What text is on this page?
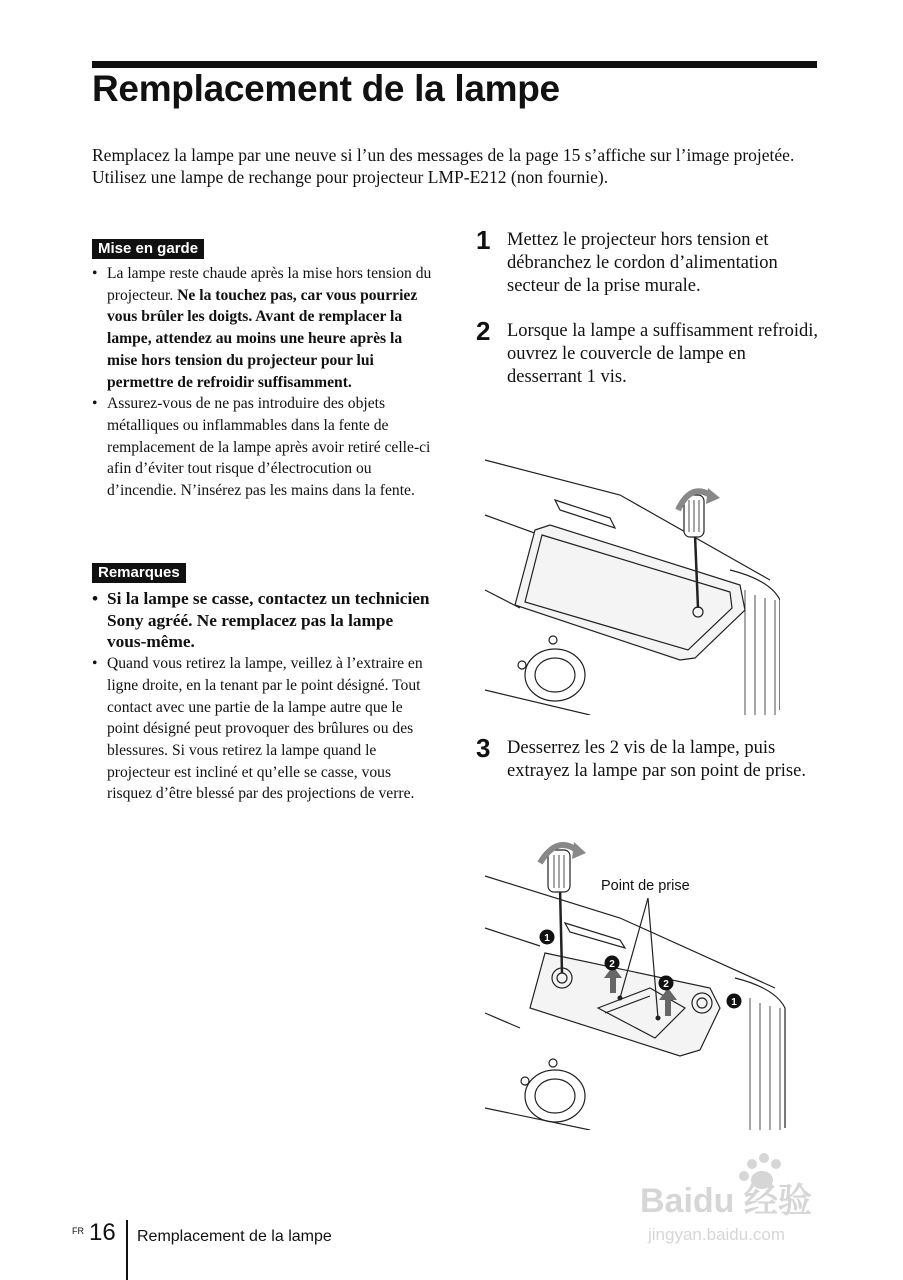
Remplacement de la lampe

Remplacez la lampe par une neuve si l’un des messages de la page 15 s’affiche sur l’image projetée.

Utilisez une lampe de rechange pour projecteur LMP-E212 (non fournie).

Mise en garde
• La lampe reste chaude après la mise hors tension du projecteur. Ne la touchez pas, car vous pourriez vous brûler les doigts. Avant de remplacer la lampe, attendez au moins une heure après la mise hors tension du projecteur pour lui permettre de refroidir suffisamment.
• Assurez-vous de ne pas introduire des objets métalliques ou inflammables dans la fente de remplacement de la lampe après avoir retiré celle-ci afin d’éviter tout risque d’électrocution ou d’incendie. N’insérez pas les mains dans la fente.
Remarques
• Si la lampe se casse, contactez un technicien Sony agréé. Ne remplacez pas la lampe vous-même.
• Quand vous retirez la lampe, veillez à l’extraire en ligne droite, en la tenant par le point désigné. Tout contact avec une partie de la lampe autre que le point désigné peut provoquer des brûlures ou des blessures. Si vous retirez la lampe quand le projecteur est incliné et qu’elle se casse, vous risquez d’être blessé par des projections de verre.
1 Mettez le projecteur hors tension et débranchez le cordon d’alimentation secteur de la prise murale.
2 Lorsque la lampe a suffisamment refroidi, ouvrez le couvercle de lampe en desserrant 1 vis.
3 Desserrez les 2 vis de la lampe, puis extrayez la lampe par son point de prise.
1
2
2
1
Point de prise
FR 16 Remplacement de la lampe
Baidu 经验
jingyan.baidu.com
